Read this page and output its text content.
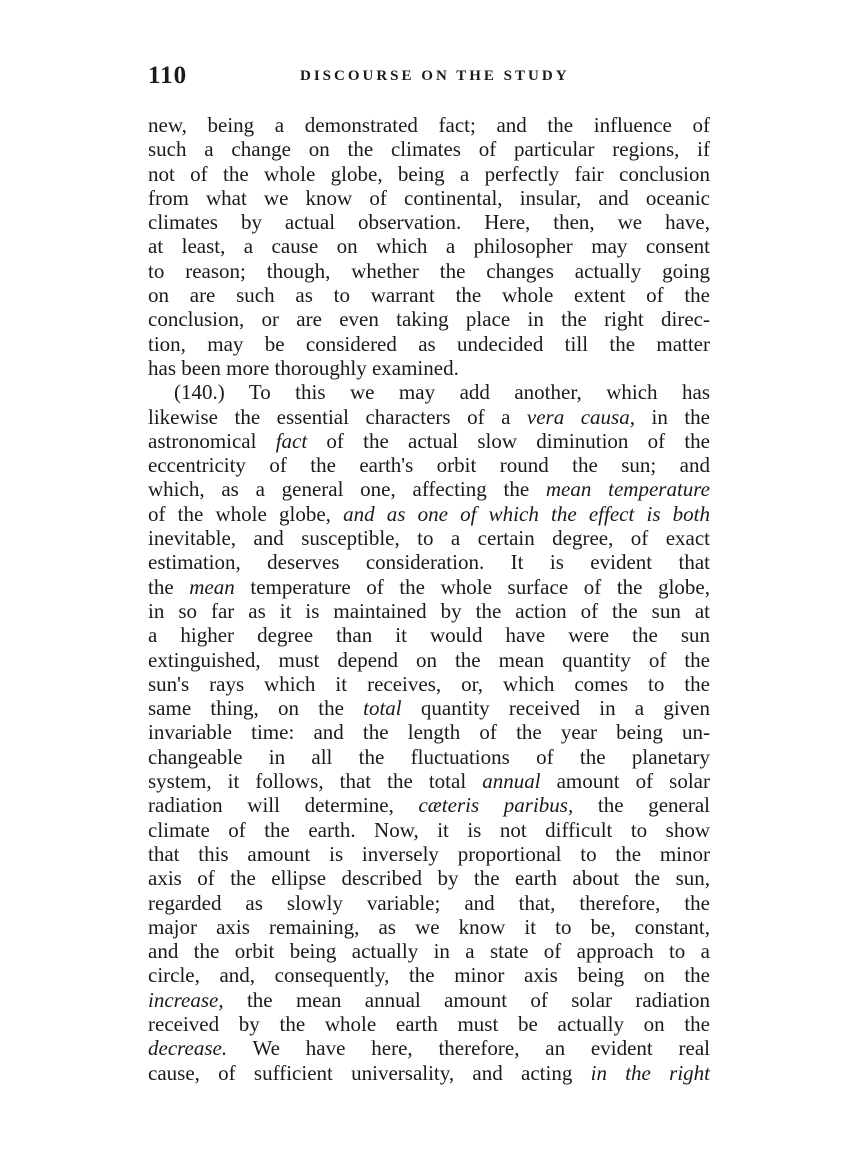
110	DISCOURSE ON THE STUDY
new, being a demonstrated fact; and the influence of
such a change on the climates of particular regions, if
not of the whole globe, being a perfectly fair conclusion
from what we know of continental, insular, and oceanic
climates by actual observation. Here, then, we have,
at least, a cause on which a philosopher may consent
to reason; though, whether the changes actually going
on are such as to warrant the whole extent of the
conclusion, or are even taking place in the right direc-
tion, may be considered as undecided till the matter
has been more thoroughly examined.
(140.) To this we may add another, which has
likewise the essential characters of a vera causa, in the
astronomical fact of the actual slow diminution of the
eccentricity of the earth's orbit round the sun; and
which, as a general one, affecting the mean temperature
of the whole globe, and as one of which the effect is both
inevitable, and susceptible, to a certain degree, of exact
estimation, deserves consideration. It is evident that
the mean temperature of the whole surface of the globe,
in so far as it is maintained by the action of the sun at
a higher degree than it would have were the sun
extinguished, must depend on the mean quantity of the
sun's rays which it receives, or, which comes to the
same thing, on the total quantity received in a given
invariable time: and the length of the year being un-
changeable in all the fluctuations of the planetary
system, it follows, that the total annual amount of solar
radiation will determine, cæteris paribus, the general
climate of the earth. Now, it is not difficult to show
that this amount is inversely proportional to the minor
axis of the ellipse described by the earth about the sun,
regarded as slowly variable; and that, therefore, the
major axis remaining, as we know it to be, constant,
and the orbit being actually in a state of approach to a
circle, and, consequently, the minor axis being on the
increase, the mean annual amount of solar radiation
received by the whole earth must be actually on the
decrease. We have here, therefore, an evident real
cause, of sufficient universality, and acting in the right
